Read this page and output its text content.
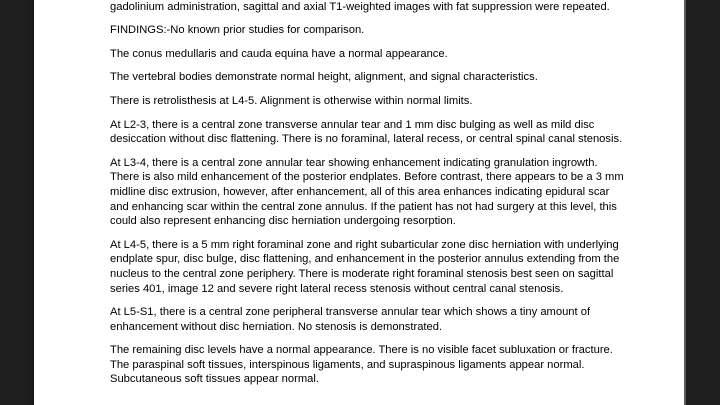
gadolinium administration, sagittal and axial T1-weighted images with fat suppression were repeated.

FINDINGS:-No known prior studies for comparison.

The conus medullaris and cauda equina have a normal appearance.

The vertebral bodies demonstrate normal height, alignment, and signal characteristics.

There is retrolisthesis at L4-5. Alignment is otherwise within normal limits.

At L2-3, there is a central zone transverse annular tear and 1 mm disc bulging as well as mild disc
desiccation without disc flattening. There is no foraminal, lateral recess, or central spinal canal stenosis.

At L3-4, there is a central zone annular tear showing enhancement indicating granulation ingrowth.
There is also mild enhancement of the posterior endplates. Before contrast, there appears to be a 3 mm
midline disc extrusion, however, after enhancement, all of this area enhances indicating epidural scar
and enhancing scar within the central zone annulus. If the patient has not had surgery at this level, this
could also represent enhancing disc herniation undergoing resorption.

At L4-5, there is a 5 mm right foraminal zone and right subarticular zone disc herniation with underlying
endplate spur, disc bulge, disc flattening, and enhancement in the posterior annulus extending from the
nucleus to the central zone periphery. There is moderate right foraminal stenosis best seen on sagittal
series 401, image 12 and severe right lateral recess stenosis without central canal stenosis.

At L5-S1, there is a central zone peripheral transverse annular tear which shows a tiny amount of
enhancement without disc herniation. No stenosis is demonstrated.

The remaining disc levels have a normal appearance. There is no visible facet subluxation or fracture.
The paraspinal soft tissues, interspinous ligaments, and supraspinous ligaments appear normal.
Subcutaneous soft tissues appear normal.
